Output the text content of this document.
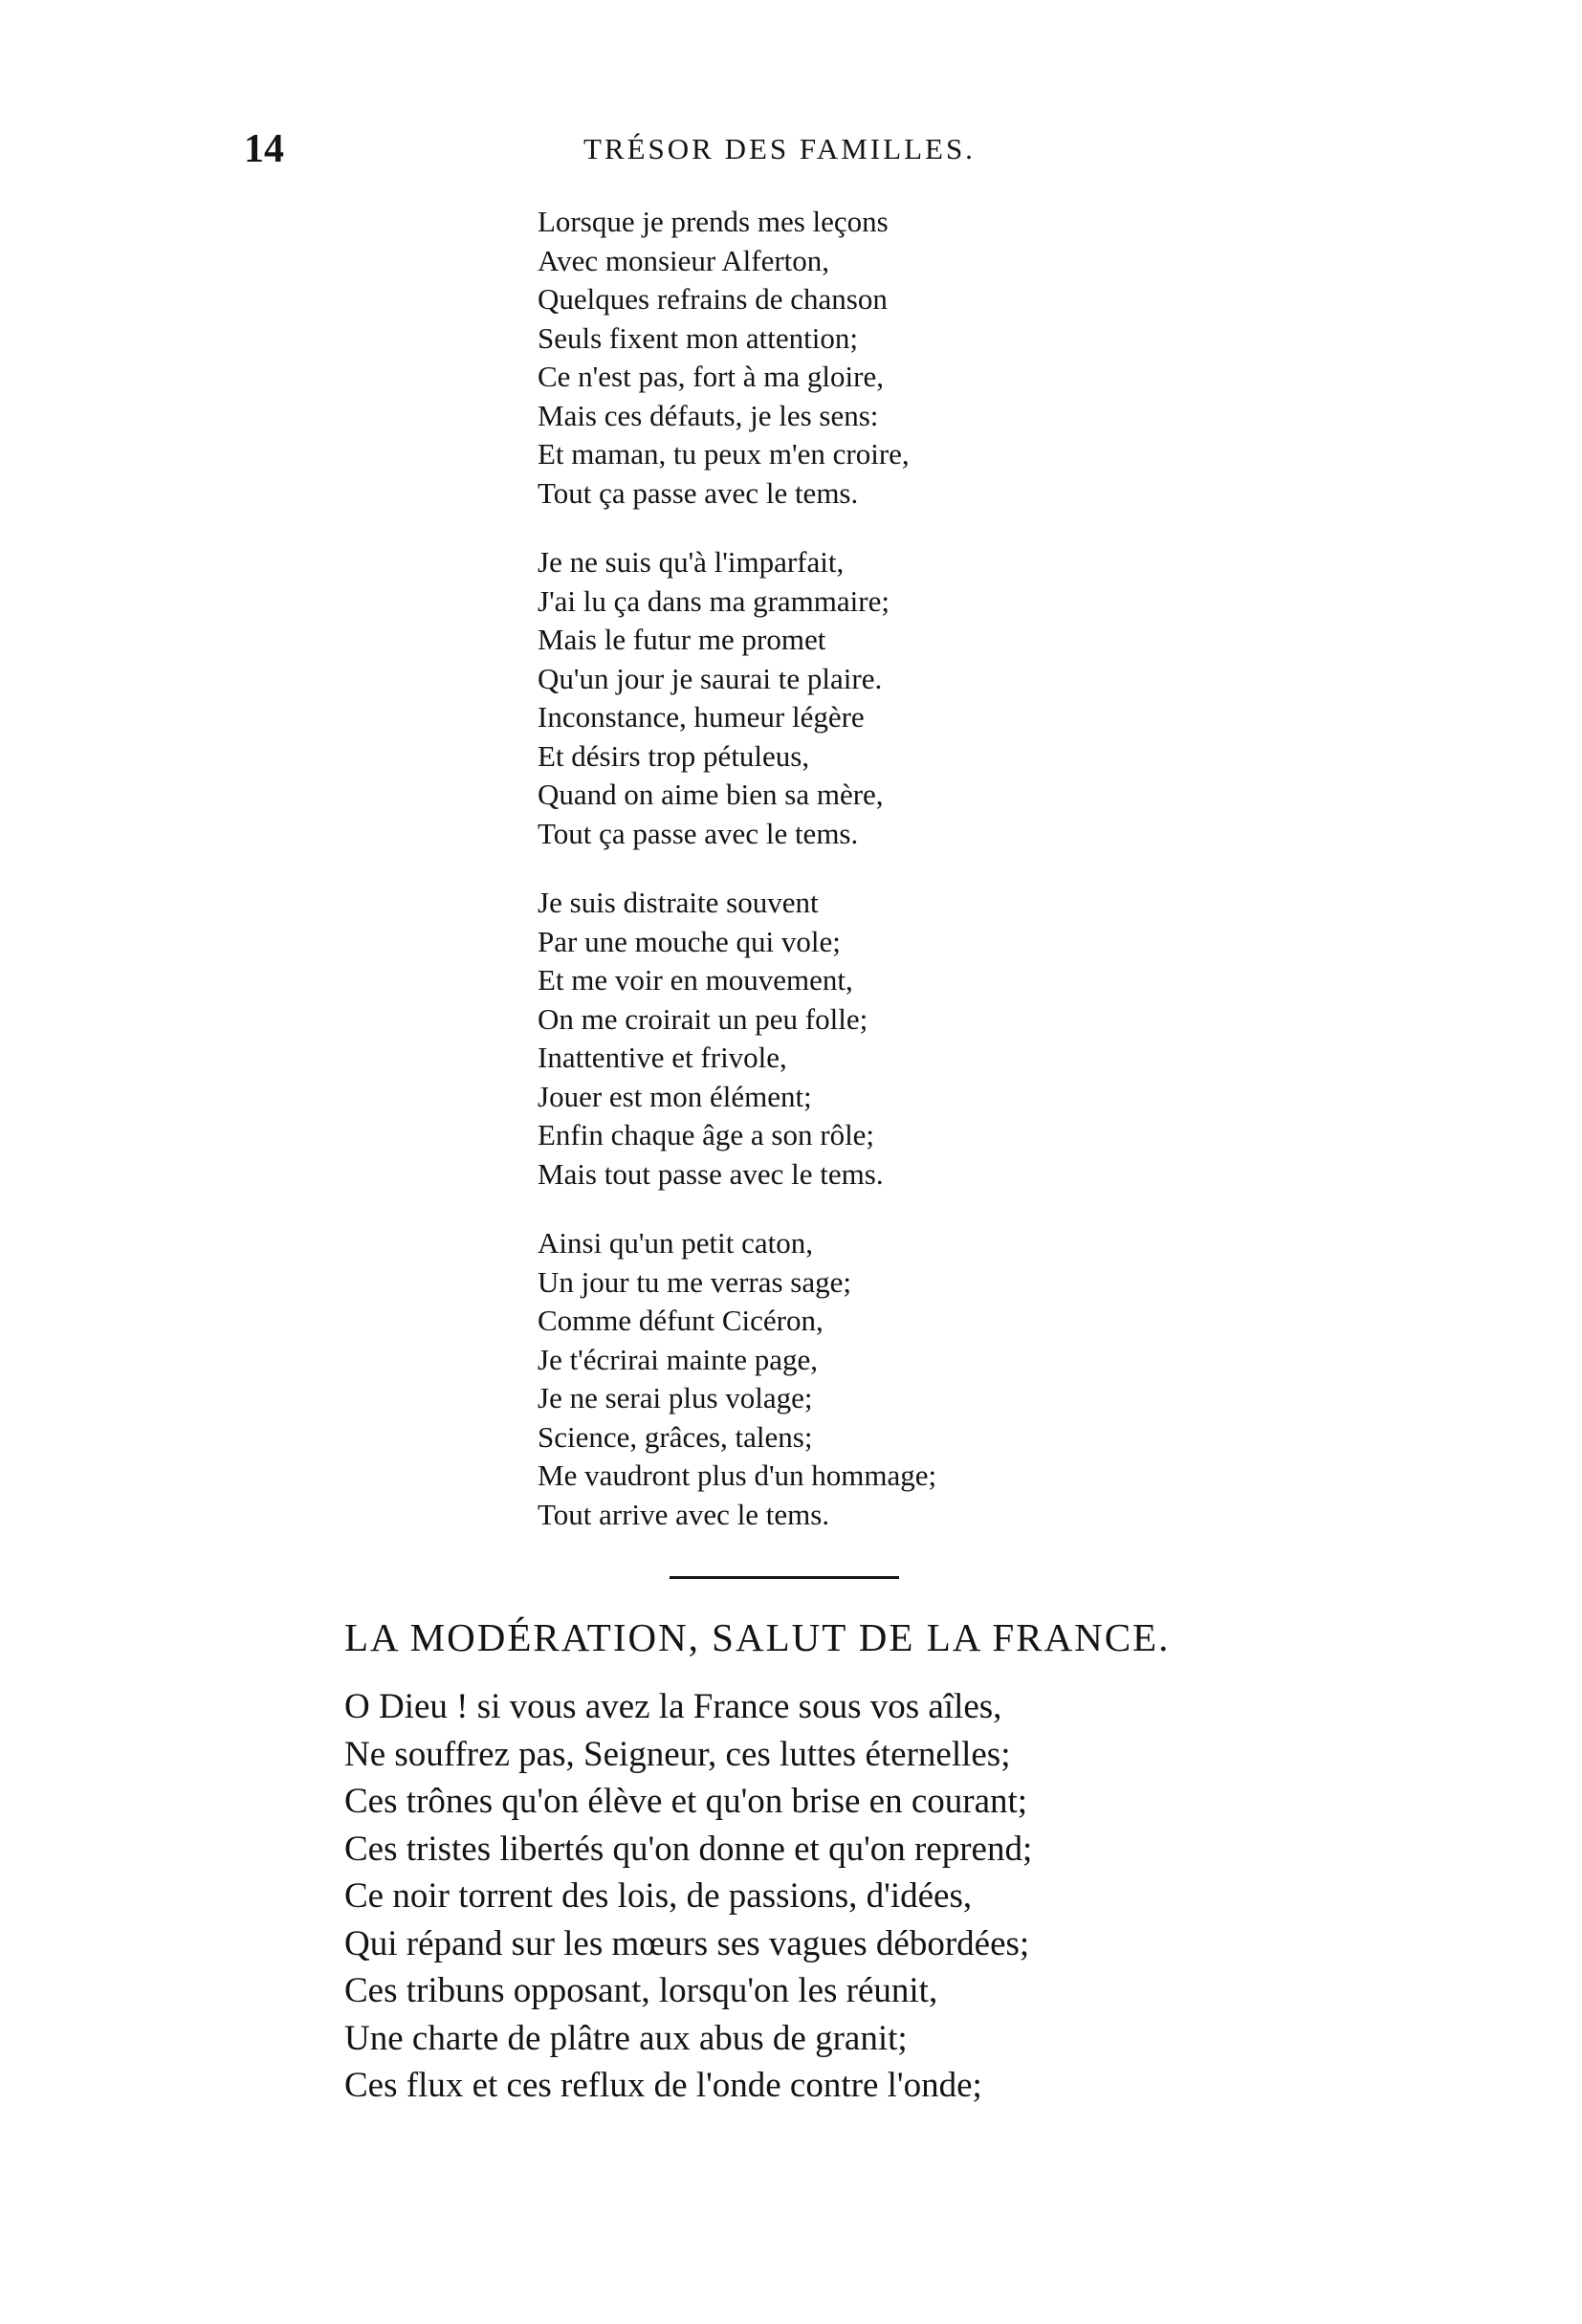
14	TRÉSOR DES FAMILLES.
Lorsque je prends mes leçons
Avec monsieur Alferton,
Quelques refrains de chanson
Seuls fixent mon attention;
Ce n'est pas, fort à ma gloire,
Mais ces défauts, je les sens:
Et maman, tu peux m'en croire,
Tout ça passe avec le tems.
Je ne suis qu'à l'imparfait,
J'ai lu ça dans ma grammaire;
Mais le futur me promet
Qu'un jour je saurai te plaire.
Inconstance, humeur légère
Et désirs trop pétuleus,
Quand on aime bien sa mère,
Tout ça passe avec le tems.
Je suis distraite souvent
Par une mouche qui vole;
Et me voir en mouvement,
On me croirait un peu folle;
Inattentive et frivole,
Jouer est mon élément;
Enfin chaque âge a son rôle;
Mais tout passe avec le tems.
Ainsi qu'un petit caton,
Un jour tu me verras sage;
Comme défunt Cicéron,
Je t'écrirai mainte page,
Je ne serai plus volage;
Science, grâces, talens;
Me vaudront plus d'un hommage;
Tout arrive avec le tems.
LA MODÉRATION, SALUT DE LA FRANCE.
O Dieu ! si vous avez la France sous vos aîles,
Ne souffrez pas, Seigneur, ces luttes éternelles;
Ces trônes qu'on élève et qu'on brise en courant;
Ces tristes libertés qu'on donne et qu'on reprend;
Ce noir torrent des lois, de passions, d'idées,
Qui répand sur les mœurs ses vagues débordées;
Ces tribuns opposant, lorsqu'on les réunit,
Une charte de plâtre aux abus de granit;
Ces flux et ces reflux de l'onde contre l'onde;
